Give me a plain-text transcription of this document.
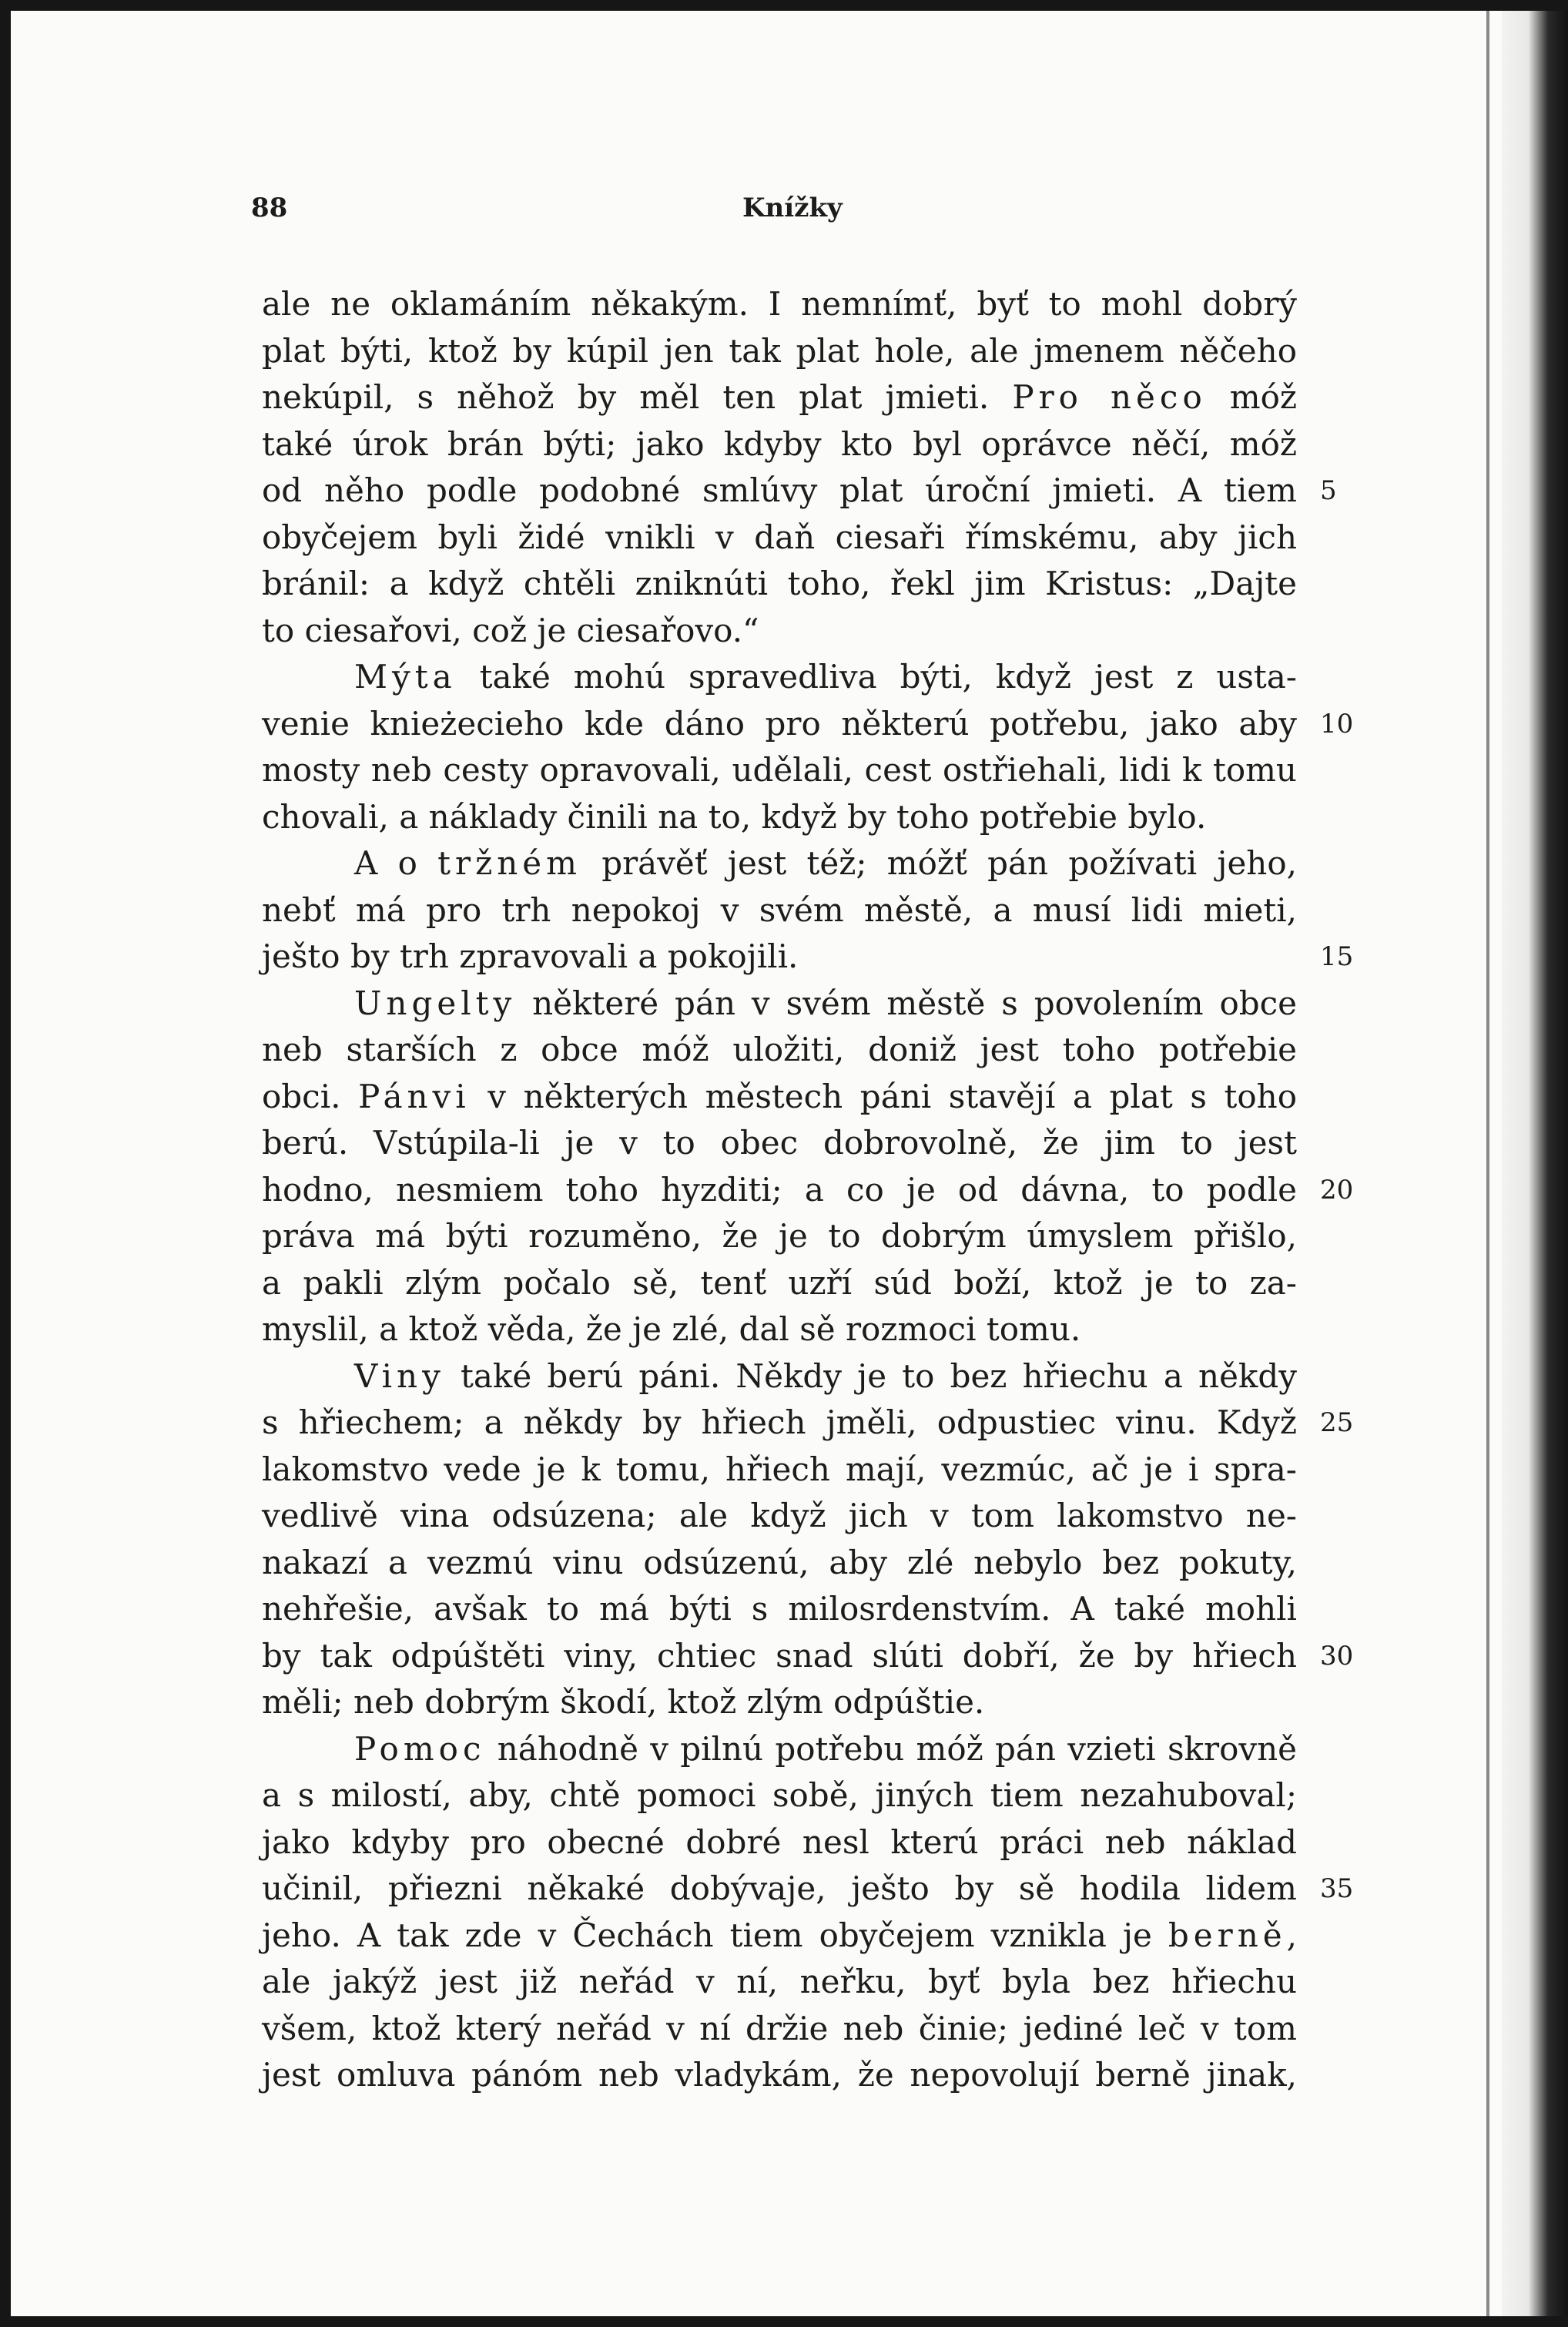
88	Knížky
ale ne oklamáním někakým. I nemnímť, byť to mohl dobrý
plat býti, ktož by kúpil jen tak plat hole, ale jmenem něčeho
nekúpil, s něhož by měl ten plat jmieti. Pro něco móž
také úrok brán býti; jako kdyby kto byl oprávce něčí, móž
od něho podle podobné smlúvy plat úroční jmieti. A tiem 5
obyčejem byli židé vnikli v daň ciesaři římskému, aby jich
bránil: a když chtěli zniknúti toho, řekl jim Kristus: „Dajte
to ciesařovi, což je ciesařovo.“
Mýta také mohú spravedliva býti, když jest z usta-
venie knieżecieho kde dáno pro některú potřebu, jako aby 10
mosty neb cesty opravovali, udělali, cest ostřiehali, lidi k tomu
chovali, a náklady činili na to, když by toho potřebie bylo.
A o tržném právěť jest též; móžť pán požívati jeho,
nebť má pro trh nepokoj v svém městě, a musí lidi mieti,
ješto by trh zpravovali a pokojili.	15
Ungelty některé pán v svém městě s povolením obce
neb starších z obce móž uložiti, doniž jest toho potřebie
obci. Pánvi v některých městech páni stavějí a plat s toho
berú. Vstúpila-li je v to obec dobrovolně, že jim to jest
hodno, nesmiem toho hyzditi; a co je od dávna, to podle 20
práva má býti rozuměno, že je to dobrým úmyslem přišlo,
a pakli zlým počalo sě, tenť uzří súd boží, ktož je to za-
myslil, a ktož věda, že je zlé, dal sě rozmoci tomu.
Viny také berú páni. Někdy je to bez hřiechu a někdy
s hřiechem; a někdy by hřiech jměli, odpustiec vinu. Když 25
lakomstvo vede je k tomu, hřiech mají, vezmúc, ač je i spra-
vedlivě vina odsúzena; ale když jich v tom lakomstvo ne-
nakazí a vezmú vinu odsúzenú, aby zlé nebylo bez pokuty,
nehřešie, avšak to má býti s milosrdenstvím. A také mohli
by tak odpúštěti viny, chtiec snad slúti dobří, že by hřiech 30
měli; neb dobrým škodí, ktož zlým odpúštie.
Pomoc náhodně v pilnú potřebu móž pán vzieti skrovně
a s milostí, aby, chtě pomoci sobě, jiných tiem nezahuboval;
jako kdyby pro obecné dobré nesl kterú práci neb náklad
učinil, přiezni někaké dobývaje, ješto by sě hodila lidem 35
jeho. A tak zde v Čechách tiem obyčejem vznikla je berně,
ale jakýž jest již neřád v ní, neřku, byť byla bez hřiechu
všem, ktož který neřád v ní držie neb činie; jediné leč v tom
jest omluva pánóm neb vladykám, že nepovolují berně jinak,
